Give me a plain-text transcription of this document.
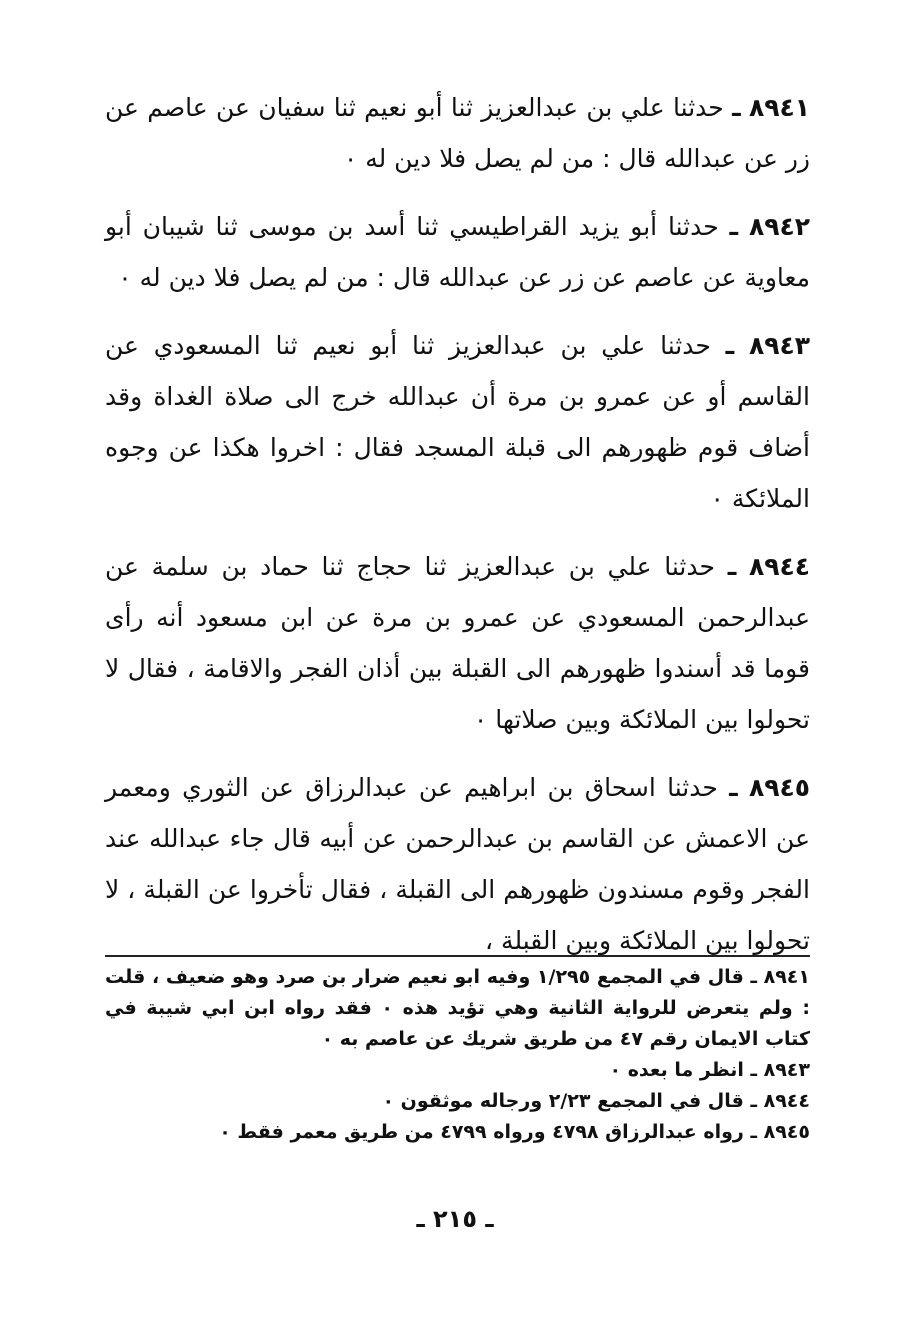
٨٩٤١ ـ حدثنا علي بن عبدالعزيز ثنا أبو نعيم ثنا سفيان عن عاصم عن زر عن عبدالله قال : من لم يصل فلا دين له ٠

٨٩٤٢ ـ حدثنا أبو يزيد القراطيسي ثنا أسد بن موسى ثنا شيبان أبو معاوية عن عاصم عن زر عن عبدالله قال : من لم يصل فلا دين له ٠

٨٩٤٣ ـ حدثنا علي بن عبدالعزيز ثنا أبو نعيم ثنا المسعودي عن القاسم أو عن عمرو بن مرة أن عبدالله خرج الى صلاة الغداة وقد أضاف قوم ظهورهم الى قبلة المسجد فقال : اخروا هكذا عن وجوه الملائكة ٠

٨٩٤٤ ـ حدثنا علي بن عبدالعزيز ثنا حجاج ثنا حماد بن سلمة عن عبدالرحمن المسعودي عن عمرو بن مرة عن ابن مسعود أنه رأى قوما قد أسندوا ظهورهم الى القبلة بين أذان الفجر والاقامة ، فقال لا تحولوا بين الملائكة وبين صلاتها ٠

٨٩٤٥ ـ حدثنا اسحاق بن ابراهيم عن عبدالرزاق عن الثوري ومعمر عن الاعمش عن القاسم بن عبدالرحمن عن أبيه قال جاء عبدالله عند الفجر وقوم مسندون ظهورهم الى القبلة ، فقال تأخروا عن القبلة ، لا تحولوا بين الملائكة وبين القبلة ،

٨٩٤١ ـ قال في المجمع ١/٢٩٥ وفيه ابو نعيم ضرار بن صرد وهو ضعيف ، قلت : ولم يتعرض للرواية الثانية وهي تؤيد هذه ٠ فقد رواه ابن ابي شيبة في كتاب الايمان رقم ٤٧ من طريق شريك عن عاصم به ٠

٨٩٤٣ ـ انظر ما بعده ٠

٨٩٤٤ ـ قال في المجمع ٢/٢٣ ورجاله موثقون ٠

٨٩٤٥ ـ رواه عبدالرزاق ٤٧٩٨ ورواه ٤٧٩٩ من طريق معمر فقط ٠

ـ ٢١٥ ـ
